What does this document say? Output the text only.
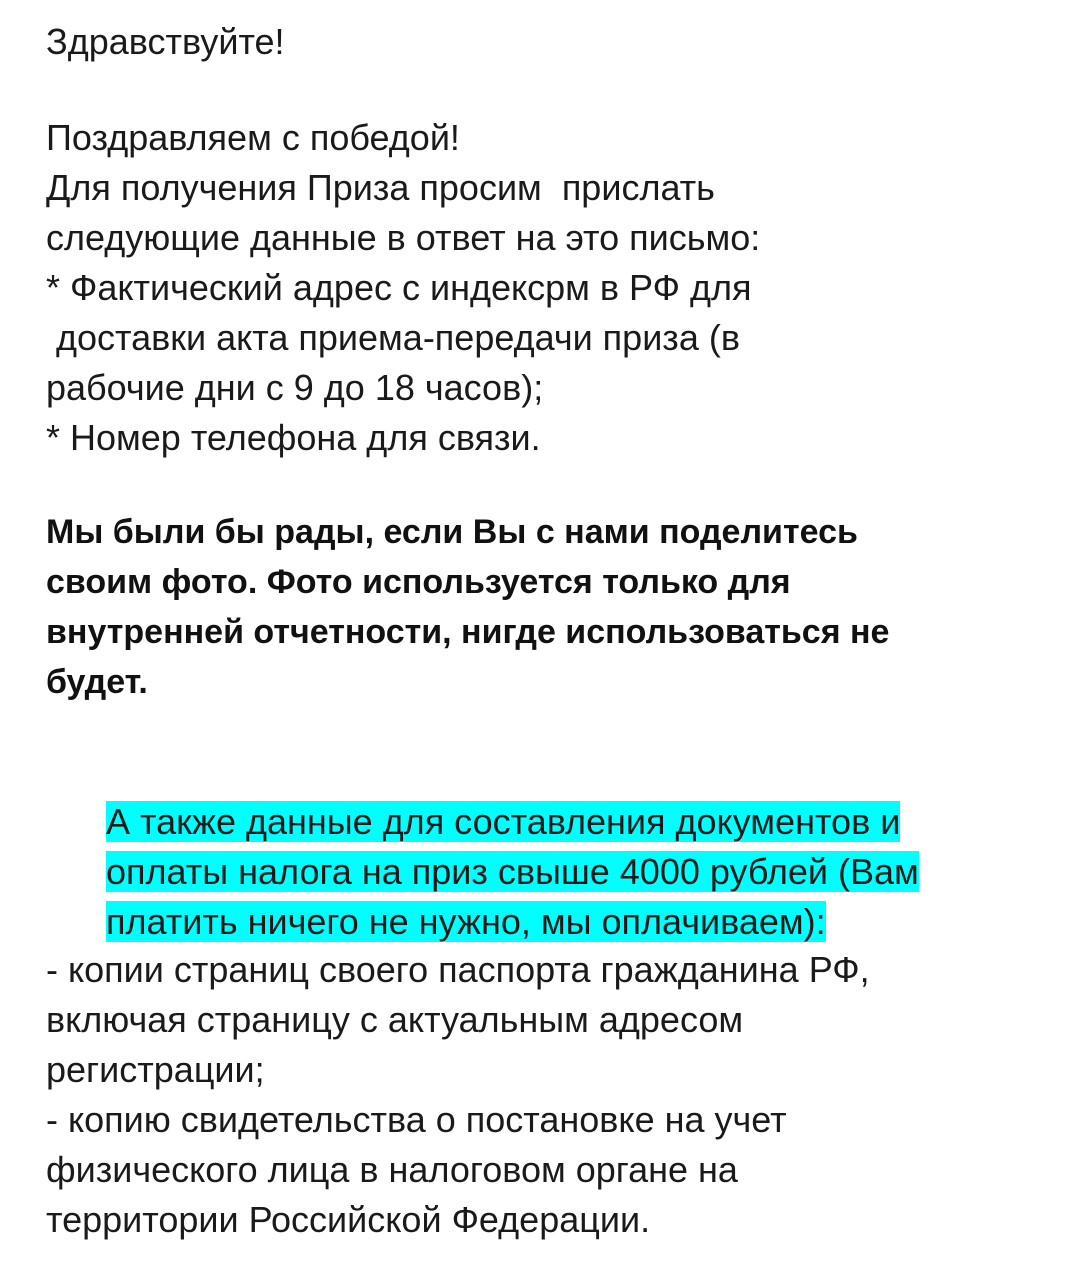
Здравствуйте!
Поздравляем с победой!
Для получения Приза просим  прислать
следующие данные в ответ на это письмо:
* Фактический адрес с индексрм в РФ для
доставки акта приема-передачи приза (в
рабочие дни с 9 до 18 часов);
* Номер телефона для связи.
Мы были бы рады, если Вы с нами поделитесь
своим фото. Фото используется только для
внутренней отчетности, нигде использоваться не
будет.

А также данные для составления документов и

оплаты налога на приз свыше 4000 рублей (Вам

платить ничего не нужно, мы оплачиваем):

- копии страниц своего паспорта гражданина РФ,
включая страницу с актуальным адресом
регистрации;
- копию свидетельства о постановке на учет
физического лица в налоговом органе на
территории Российской Федерации.
